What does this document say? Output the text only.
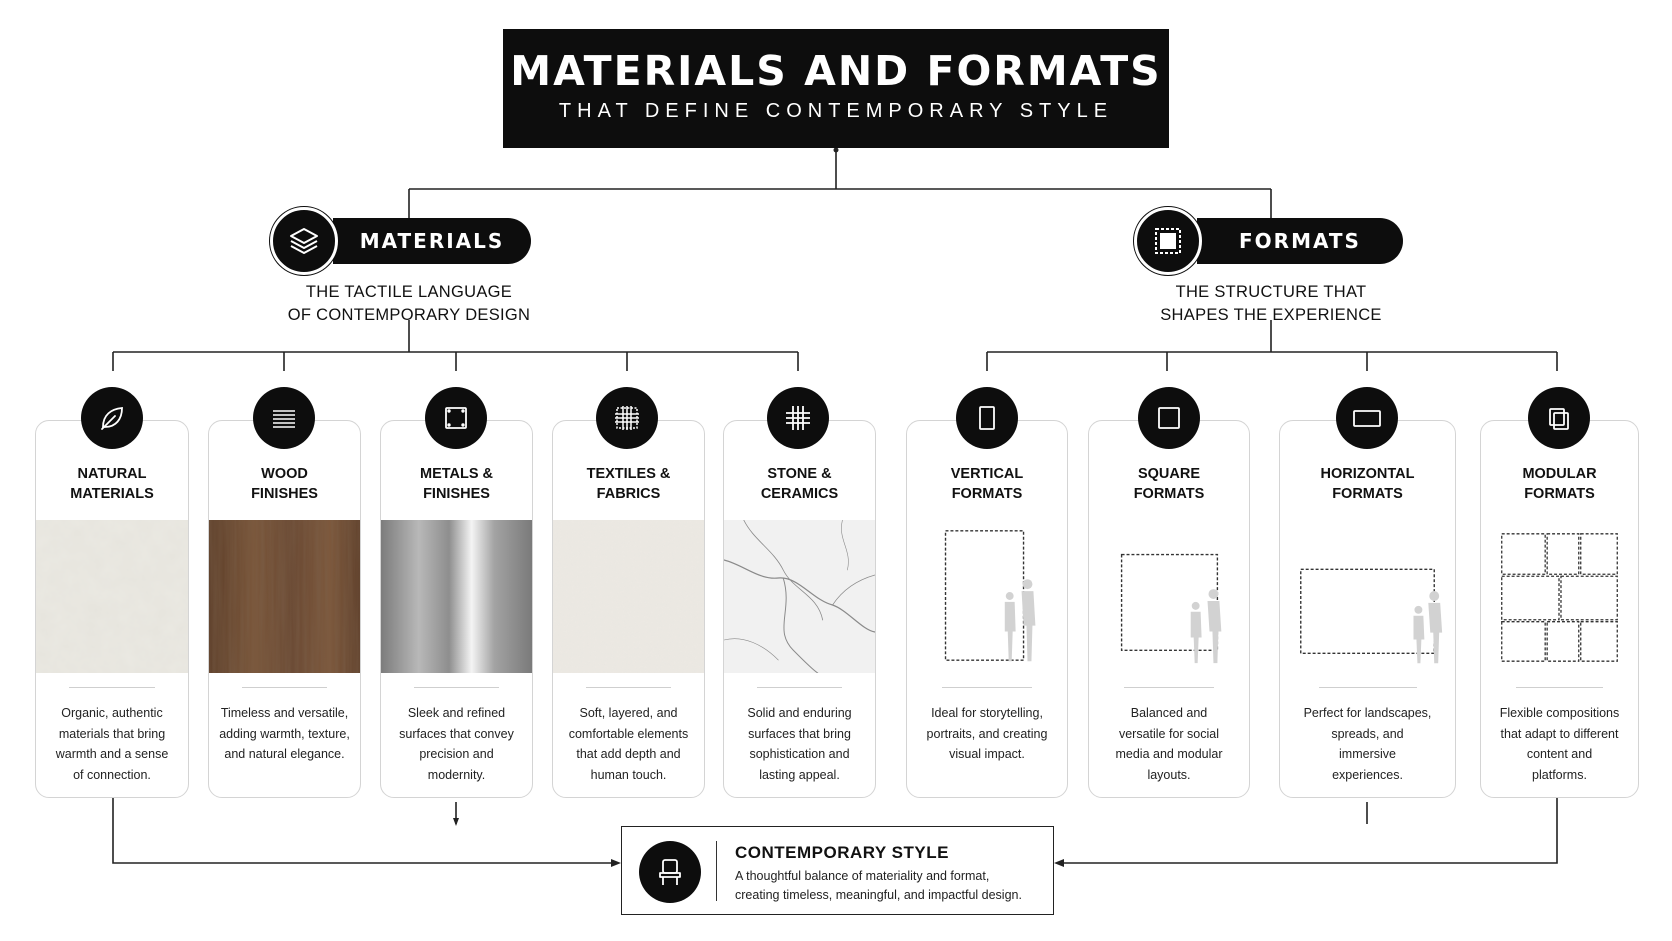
MATERIALS AND FORMATS
THAT DEFINE CONTEMPORARY STYLE
MATERIALS
THE TACTILE LANGUAGE
OF CONTEMPORARY DESIGN
FORMATS
THE STRUCTURE THAT
SHAPES THE EXPERIENCE
NATURAL
MATERIALS
Organic, authentic
materials that bring
warmth and a sense
of connection.
WOOD
FINISHES
Timeless and versatile,
adding warmth, texture,
and natural elegance.
METALS &
FINISHES
Sleek and refined
surfaces that convey
precision and
modernity.
TEXTILES &
FABRICS
Soft, layered, and
comfortable elements
that add depth and
human touch.
STONE &
CERAMICS
Solid and enduring
surfaces that bring
sophistication and
lasting appeal.
VERTICAL
FORMATS
Ideal for storytelling,
portraits, and creating
visual impact.
SQUARE
FORMATS
Balanced and
versatile for social
media and modular
layouts.
HORIZONTAL
FORMATS
Perfect for landscapes,
spreads, and
immersive
experiences.
MODULAR
FORMATS
Flexible compositions
that adapt to different
content and
platforms.
CONTEMPORARY STYLE
A thoughtful balance of materiality and format,
creating timeless, meaningful, and impactful design.
